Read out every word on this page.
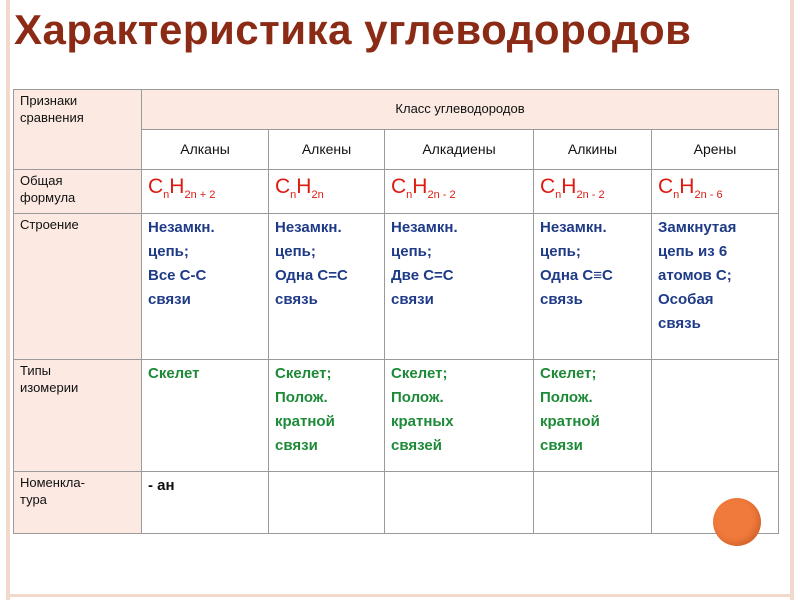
Характеристика углеводородов
Признаки
сравнения	Класс углеводородов				
	Алканы	Алкены	Алкадиены	Алкины	Арены

Общая
формула	$C_nH_{2n + 2}$	$C_nH_{2n}$	$C_nH_{2n - 2}$	$C_nH_{2n - 2}$	$C_nH_{2n - 6}$

Строение	Незамкн.
цепь;
Все С-С
связи	Незамкн.
цепь;
Одна С=С
связь	Незамкн.
цепь;
Две С=С
связи	Незамкн.
цепь;
Одна С≡С
связь	Замкнутая
цепь из 6
атомов С;
Особая
связь

Типы
изомерии	Скелет	Скелет;
Полож.
кратной
связи	Скелет;
Полож.
кратных
связей	Скелет;
Полож.
кратной
связи	

Номенкла-
тура	- ан				
